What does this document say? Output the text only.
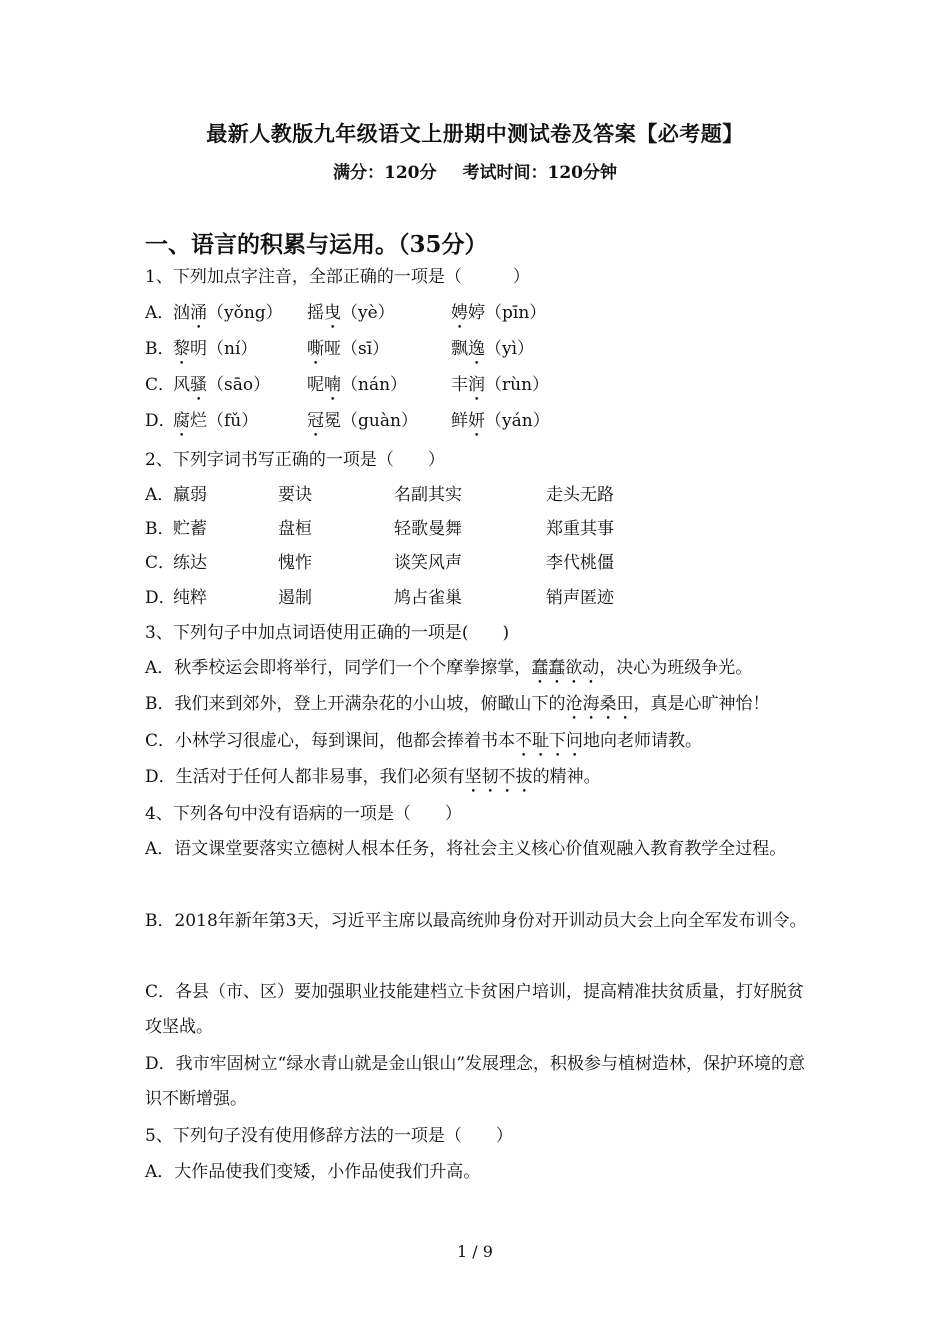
最新人教版九年级语文上册期中测试卷及答案【必考题】
满分：120分 考试时间：120分钟
一、语言的积累与运用。（35分）
1、下列加点字注音，全部正确的一项是（　　　）
A．
汹涌（yǒng） 摇曳（yè）	娉婷（pīn）
B．
黎明（ní）	嘶哑（sī）	飘逸（yì）
C．
风骚（sāo） 呢喃（nán）	丰润（rùn）
D．
腐烂（fǔ）	冠冕（guàn） 鲜妍（yán）
2、下列字词书写正确的一项是（　　）
A．
羸弱	要诀	名副其实	走头无路
B．
贮蓄	盘桓	轻歌曼舞	郑重其事
C．
练达	愧怍	谈笑风声	李代桃僵
D．
纯粹	遏制	鸠占雀巢	销声匿迹
3、下列句子中加点词语使用正确的一项是(　　)
A．秋季校运会即将举行，同学们一个个摩拳擦掌，蠢蠢欲动，决心为班级争光。
B．我们来到郊外，登上开满杂花的小山坡，俯瞰山下的沧海桑田，真是心旷神怡！
C．小林学习很虚心，每到课间，他都会捧着书本不耻下问地向老师请教。
D．生活对于任何人都非易事，我们必须有坚韧不拔的精神。
4、下列各句中没有语病的一项是（　　）
A．语文课堂要落实立德树人根本任务，将社会主义核心价值观融入教育教学全过程。
B．2018年新年第3天，习近平主席以最高统帅身份对开训动员大会上向全军发布训令。
C．各县（市、区）要加强职业技能建档立卡贫困户培训，提高精准扶贫质量，打好脱贫攻坚战。
D．我市牢固树立“绿水青山就是金山银山”发展理念，积极参与植树造林，保护环境的意识不断增强。
5、下列句子没有使用修辞方法的一项是（　　）
A．大作品使我们变矮，小作品使我们升高。
1 / 9
